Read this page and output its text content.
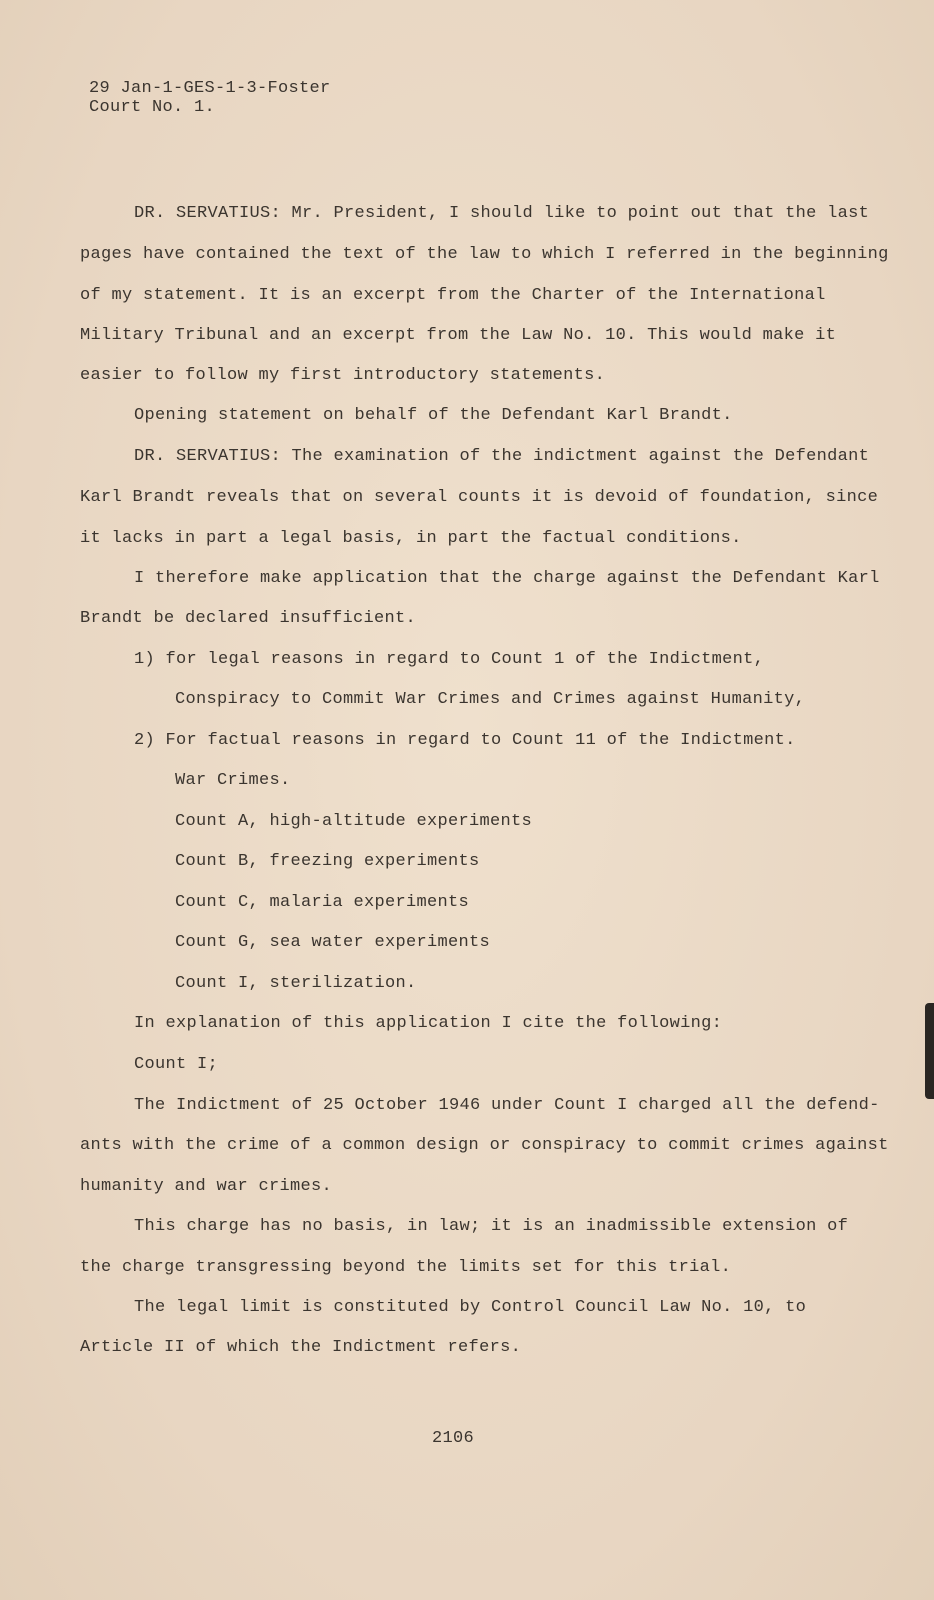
29 Jan-1-GES-1-3-Foster
Court No. 1.
DR. SERVATIUS: Mr. President, I should like to point out that the last
pages have contained the text of the law to which I referred in the beginning
of my statement. It is an excerpt from the Charter of the International
Military Tribunal and an excerpt from the Law No. 10. This would make it
easier to follow my first introductory statements.
Opening statement on behalf of the Defendant Karl Brandt.
DR. SERVATIUS: The examination of the indictment against the Defendant
Karl Brandt reveals that on several counts it is devoid of foundation, since
it lacks in part a legal basis, in part the factual conditions.
I therefore make application that the charge against the Defendant Karl
Brandt be declared insufficient.
1) for legal reasons in regard to Count 1 of the Indictment,
Conspiracy to Commit War Crimes and Crimes against Humanity,
2) For factual reasons in regard to Count 11 of the Indictment.
War Crimes.
Count A, high-altitude experiments
Count B, freezing experiments
Count C, malaria experiments
Count G, sea water experiments
Count I, sterilization.
In explanation of this application I cite the following:
Count I;
The Indictment of 25 October 1946 under Count I charged all the defend-
ants with the crime of a common design or conspiracy to commit crimes against
humanity and war crimes.
This charge has no basis, in law; it is an inadmissible extension of
the charge transgressing beyond the limits set for this trial.
The legal limit is constituted by Control Council Law No. 10, to
Article II of which the Indictment refers.
2106
